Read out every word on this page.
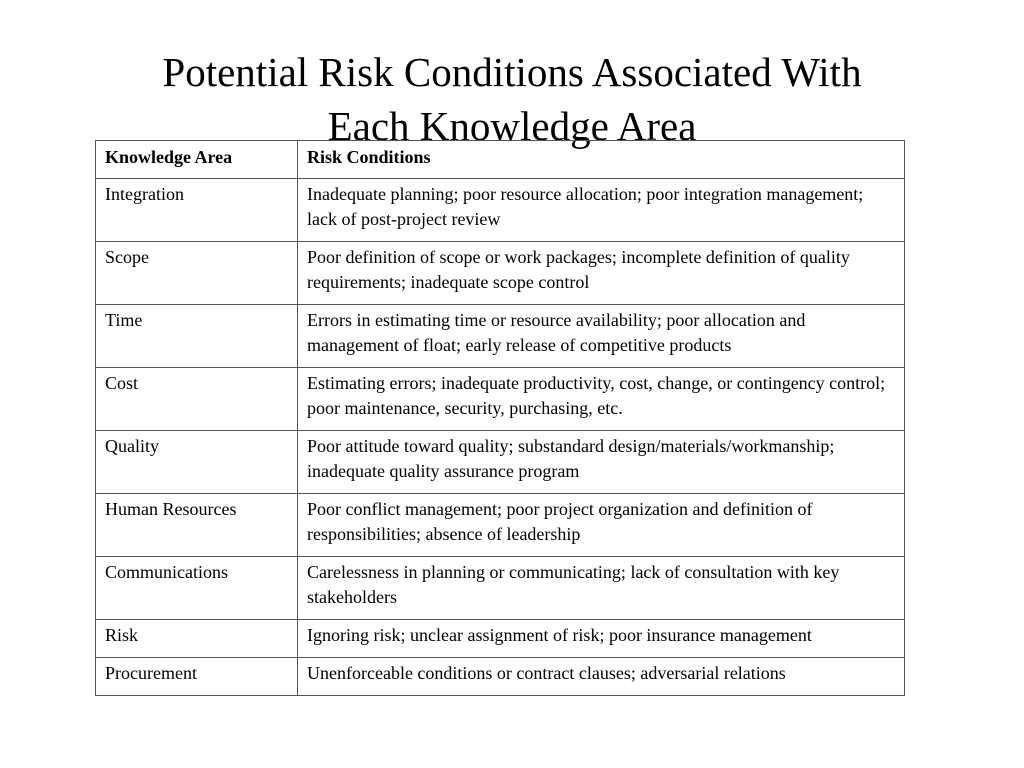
Potential Risk Conditions Associated With
Each Knowledge Area
Knowledge Area	Risk Conditions
Integration	Inadequate planning; poor resource allocation; poor integration management; lack of post-project review
Scope	Poor definition of scope or work packages; incomplete definition of quality requirements; inadequate scope control
Time	Errors in estimating time or resource availability; poor allocation and management of float; early release of competitive products
Cost	Estimating errors; inadequate productivity, cost, change, or contingency control; poor maintenance, security, purchasing, etc.
Quality	Poor attitude toward quality; substandard design/materials/workmanship; inadequate quality assurance program
Human Resources	Poor conflict management; poor project organization and definition of responsibilities; absence of leadership
Communications	Carelessness in planning or communicating; lack of consultation with key stakeholders
Risk	Ignoring risk; unclear assignment of risk; poor insurance management
Procurement	Unenforceable conditions or contract clauses; adversarial relations
